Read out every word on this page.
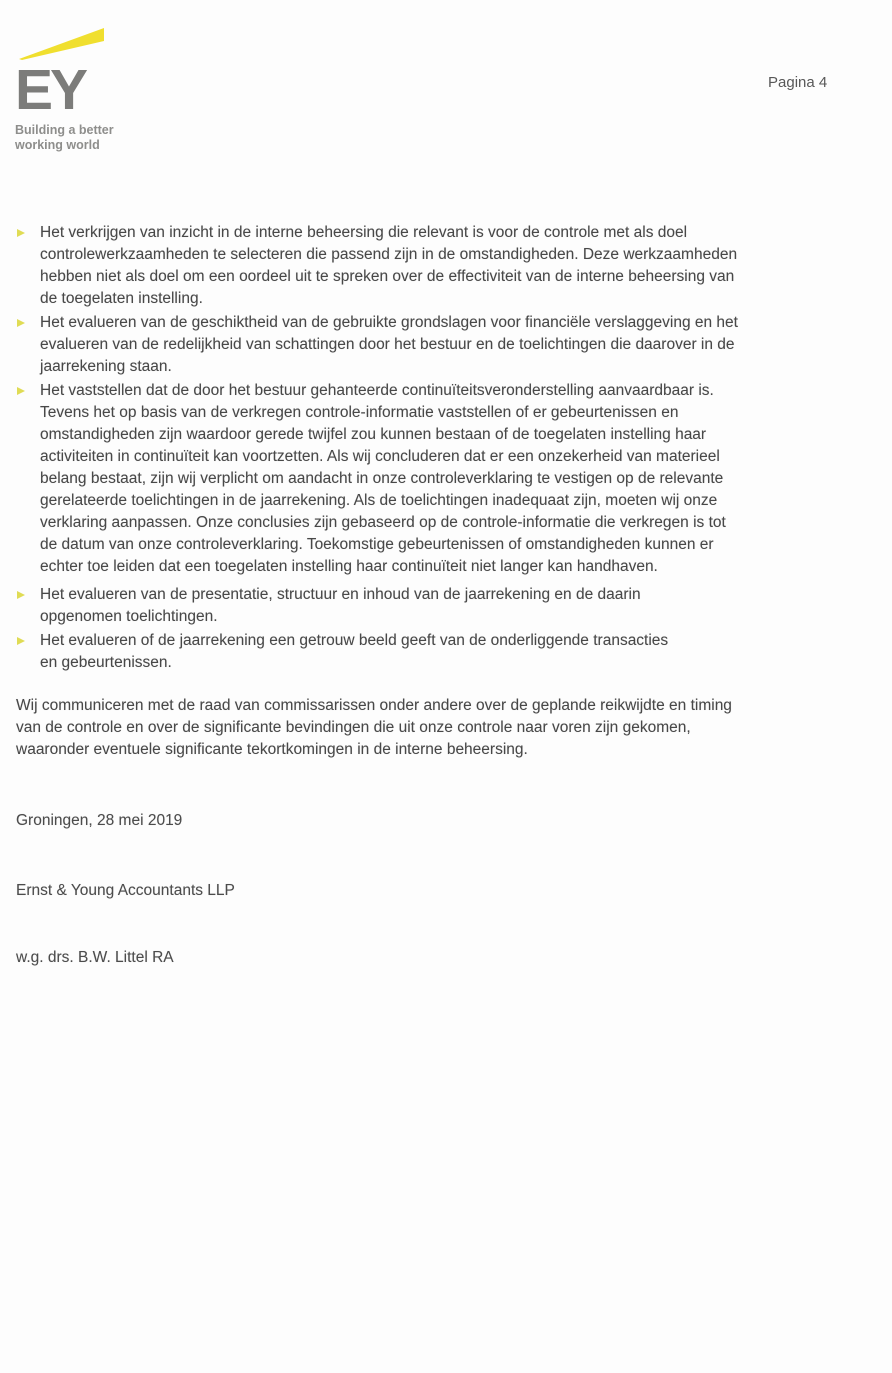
EY
Building a better
working world
Pagina 4
Het verkrijgen van inzicht in de interne beheersing die relevant is voor de controle met als doel
controlewerkzaamheden te selecteren die passend zijn in de omstandigheden. Deze werkzaamheden
hebben niet als doel om een oordeel uit te spreken over de effectiviteit van de interne beheersing van
de toegelaten instelling.
Het evalueren van de geschiktheid van de gebruikte grondslagen voor financiële verslaggeving en het
evalueren van de redelijkheid van schattingen door het bestuur en de toelichtingen die daarover in de
jaarrekening staan.
Het vaststellen dat de door het bestuur gehanteerde continuïteitsveronderstelling aanvaardbaar is.
Tevens het op basis van de verkregen controle-informatie vaststellen of er gebeurtenissen en
omstandigheden zijn waardoor gerede twijfel zou kunnen bestaan of de toegelaten instelling haar
activiteiten in continuïteit kan voortzetten. Als wij concluderen dat er een onzekerheid van materieel
belang bestaat, zijn wij verplicht om aandacht in onze controleverklaring te vestigen op de relevante
gerelateerde toelichtingen in de jaarrekening. Als de toelichtingen inadequaat zijn, moeten wij onze
verklaring aanpassen. Onze conclusies zijn gebaseerd op de controle-informatie die verkregen is tot
de datum van onze controleverklaring. Toekomstige gebeurtenissen of omstandigheden kunnen er
echter toe leiden dat een toegelaten instelling haar continuïteit niet langer kan handhaven.
Het evalueren van de presentatie, structuur en inhoud van de jaarrekening en de daarin
opgenomen toelichtingen.
Het evalueren of de jaarrekening een getrouw beeld geeft van de onderliggende transacties
en gebeurtenissen.

Wij communiceren met de raad van commissarissen onder andere over de geplande reikwijdte en timing
van de controle en over de significante bevindingen die uit onze controle naar voren zijn gekomen,
waaronder eventuele significante tekortkomingen in de interne beheersing.

Groningen, 28 mei 2019
Ernst & Young Accountants LLP
w.g. drs. B.W. Littel RA
